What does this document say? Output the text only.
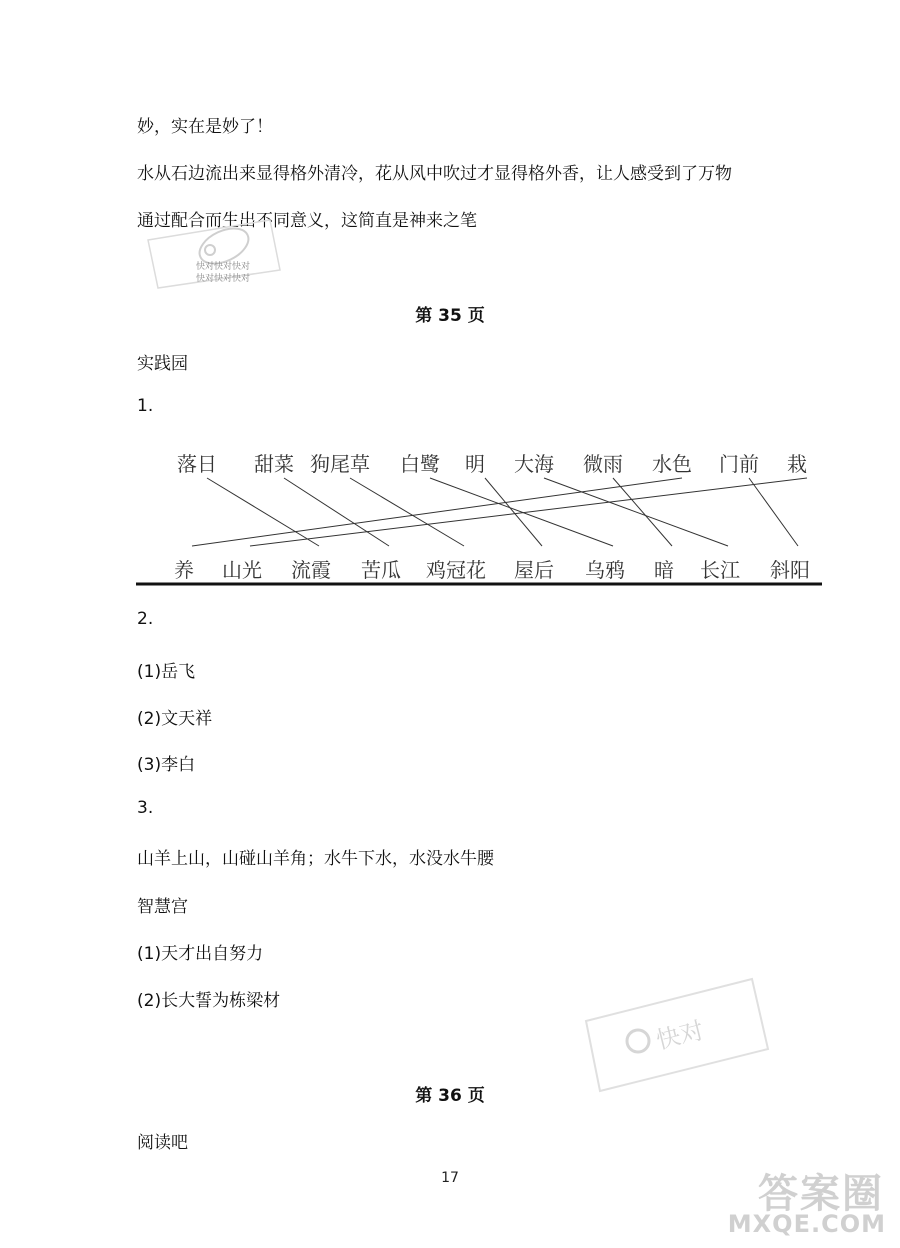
妙，实在是妙了！
水从石边流出来显得格外清冷，花从风中吹过才显得格外香，让人感受到了万物
通过配合而生出不同意义，这简直是神来之笔
快对快对快对
快对快对快对
第 35 页
实践园
1.
落日 甜菜 狗尾草 白鹭 明 大海 微雨 水色 门前 栽
养 山光 流霞 苦瓜 鸡冠花 屋后 乌鸦 暗 长江 斜阳
2.
(1)岳飞
(2)文天祥
(3)李白
3.
山羊上山，山碰山羊角；水牛下水，水没水牛腰
智慧宫
(1)天才出自努力
(2)长大誓为栋梁材
快对
第 36 页
阅读吧
17	答案圈
MXQE.COM
